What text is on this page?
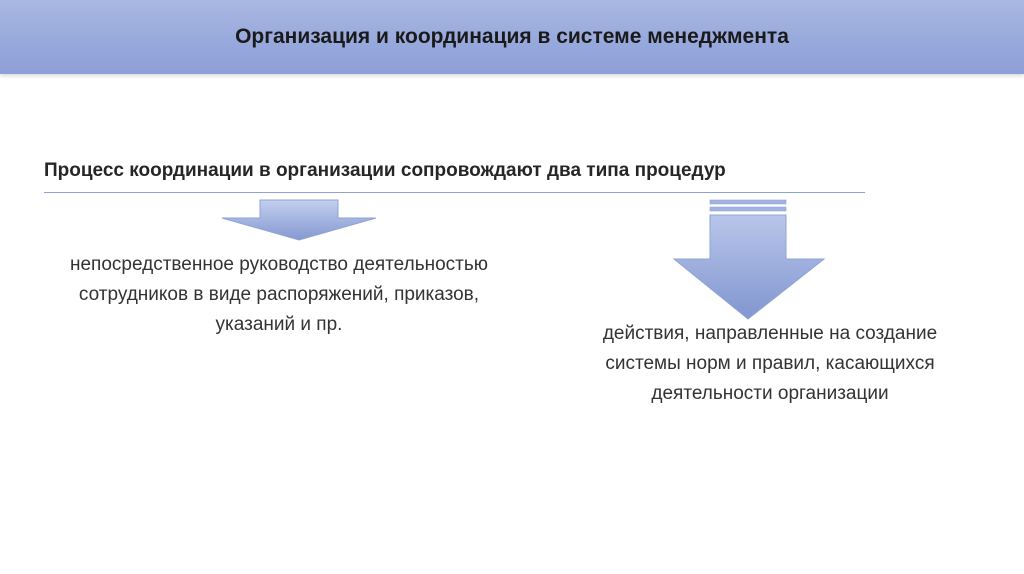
Организация и координация в системе менеджмента
Процесс координации в организации сопровождают два типа процедур
непосредственное руководство деятельностью
сотрудников в виде распоряжений, приказов,
указаний и пр.	действия, направленные на создание
системы норм и правил, касающихся
деятельности организации
